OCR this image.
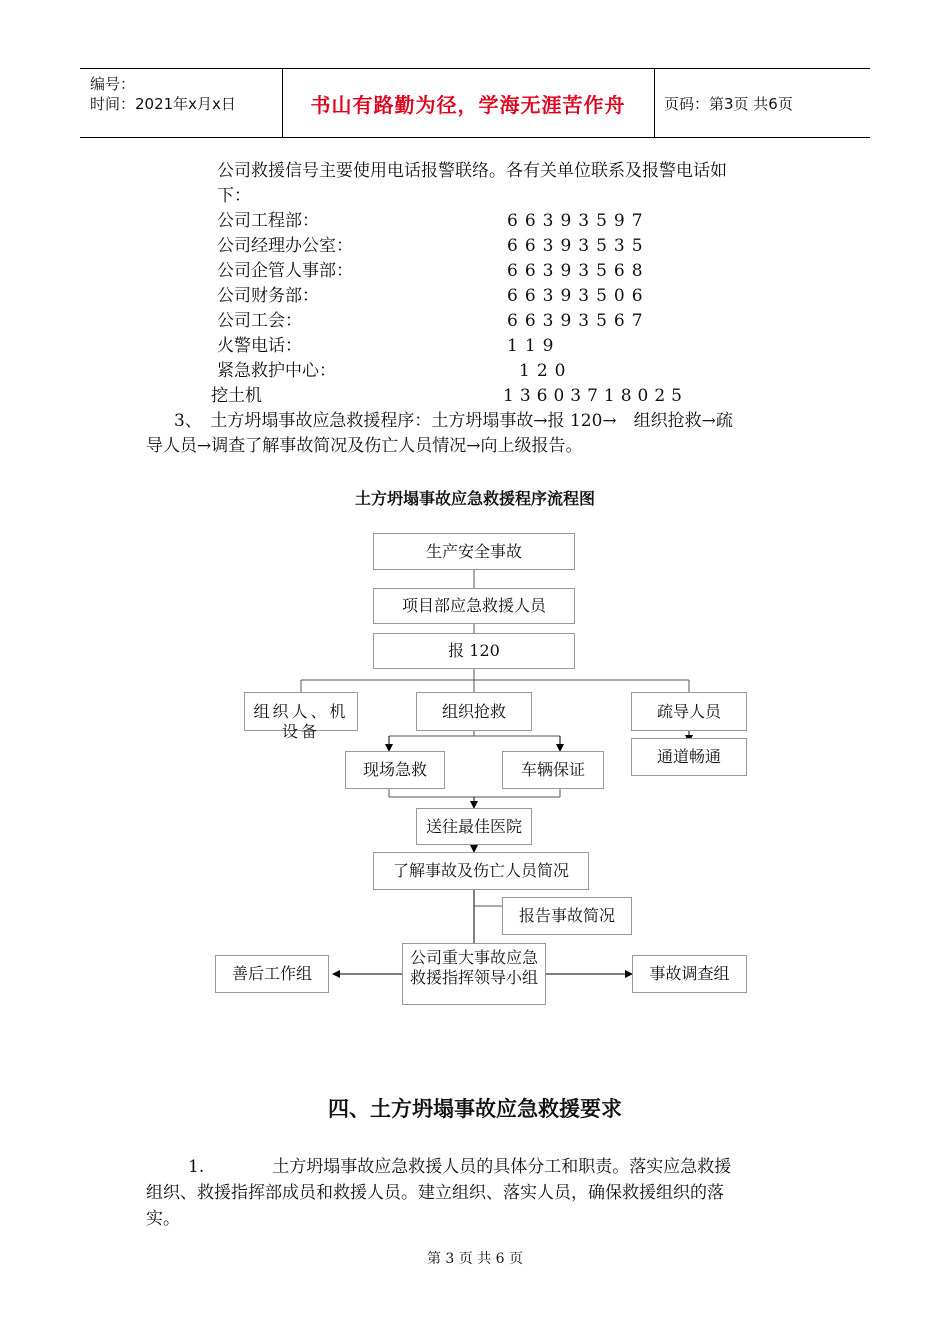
编号：
时间：2021年x月x日	书山有路勤为径，学海无涯苦作舟	页码：第3页 共6页
公司救援信号主要使用电话报警联络。各有关单位联系及报警电话如
下：
公司工程部：	66393597
公司经理办公室：	66393535
公司企管人事部：	66393568
公司财务部：	66393506
公司工会：	66393567
火警电话：	119
紧急救护中心：	120
挖土机	13603718025
3、　土方坍塌事故应急救援程序：土方坍塌事故→报 120→　组织抢救→疏
导人员→调查了解事故简况及伤亡人员情况→向上级报告。
土方坍塌事故应急救援程序流程图
生产安全事故
项目部应急救援人员
报 120
组织人、机设备
组织抢救	疏导人员
现场急救	车辆保证
通道畅通
送往最佳医院
了解事故及伤亡人员简况
报告事故简况
公司重大事故应急救援指挥领导小组
善后工作组	事故调查组
四、土方坍塌事故应急救援要求
1.　　　　土方坍塌事故应急救援人员的具体分工和职责。落实应急救援
组织、救援指挥部成员和救援人员。建立组织、落实人员，确保救援组织的落
实。
第 3 页 共 6 页
